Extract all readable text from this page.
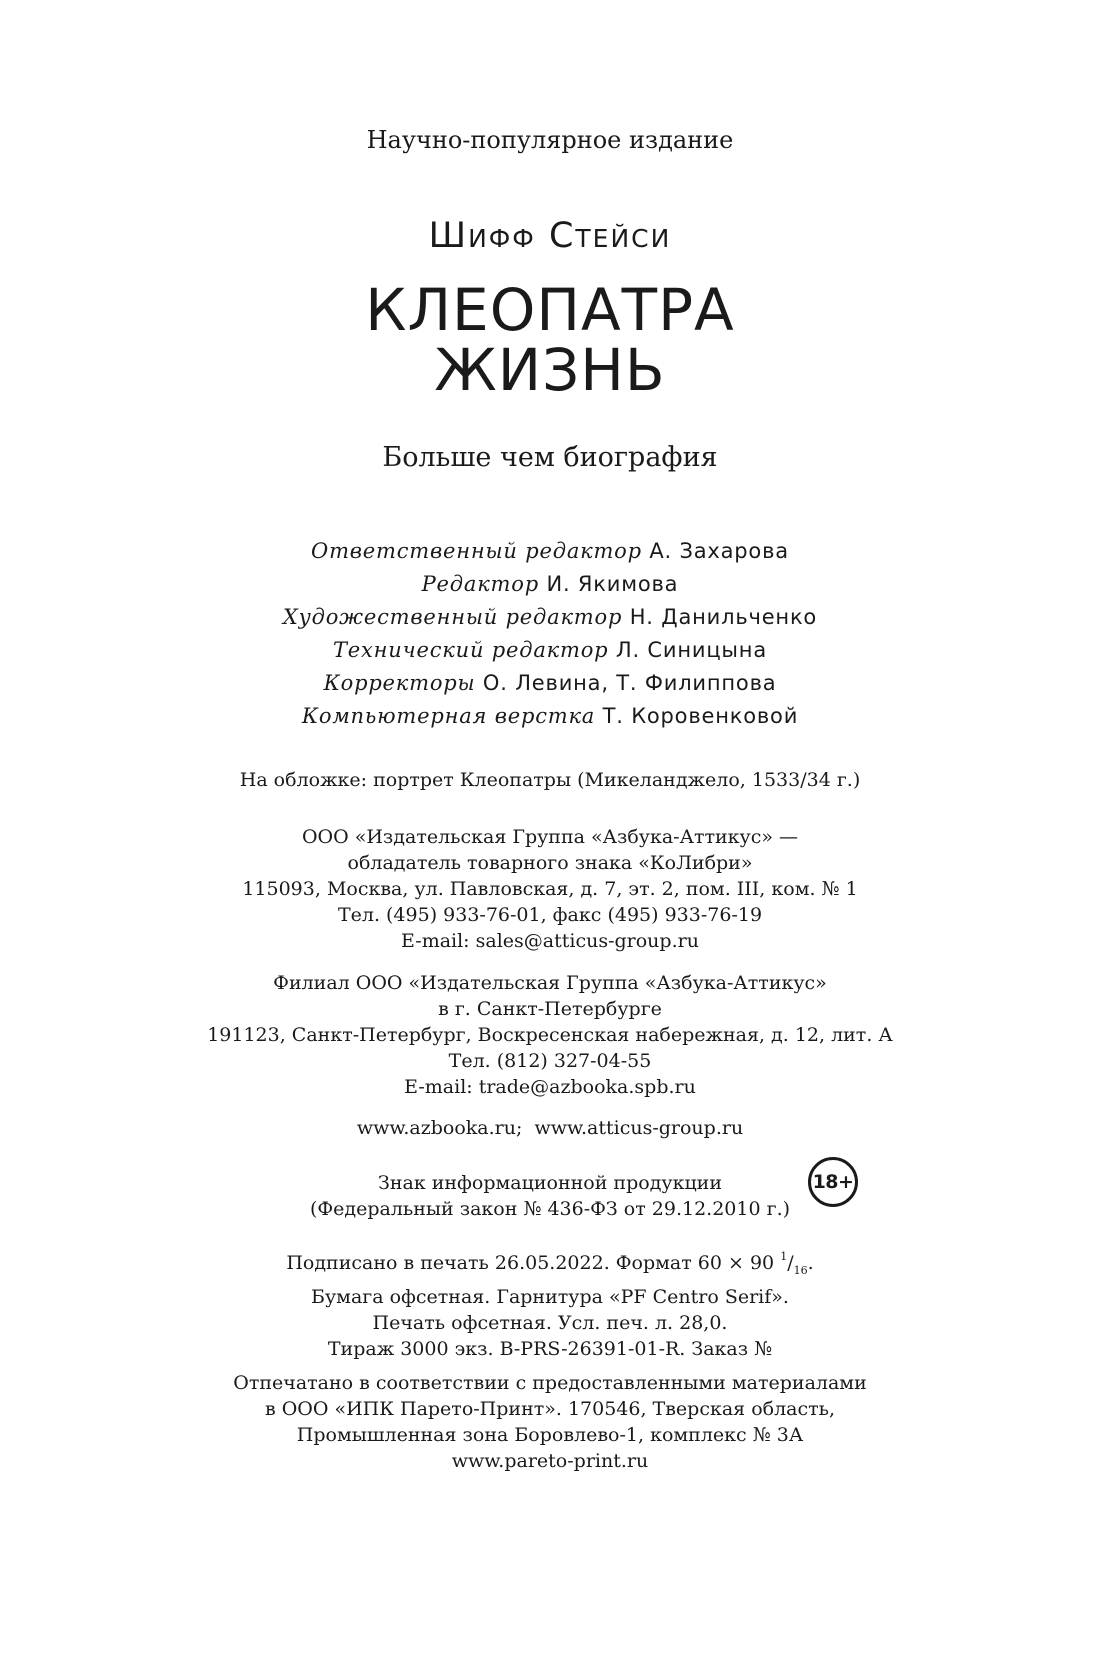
Научно-популярное издание
Шифф Стейси
КЛЕОПАТРА
ЖИЗНЬ
Больше чем биография
Ответственный редактор А. Захарова
Редактор И. Якимова
Художественный редактор Н. Данильченко
Технический редактор Л. Синицына
Корректоры О. Левина, Т. Филиппова
Компьютерная верстка Т. Коровенковой
На обложке: портрет Клеопатры (Микеланджело, 1533/34 г.)
ООО «Издательская Группа «Азбука-Аттикус» —
обладатель товарного знака «КоЛибри»
115093, Москва, ул. Павловская, д. 7, эт. 2, пом. III, ком. № 1
Тел. (495) 933-76-01, факс (495) 933-76-19
E-mail: sales@atticus-group.ru
Филиал ООО «Издательская Группа «Азбука-Аттикус»
в г. Санкт-Петербурге
191123, Санкт-Петербург, Воскресенская набережная, д. 12, лит. А
Тел. (812) 327-04-55
E-mail: trade@azbooka.spb.ru
www.azbooka.ru;  www.atticus-group.ru
Знак информационной продукции
(Федеральный закон № 436-ФЗ от 29.12.2010 г.)
18+
Подписано в печать 26.05.2022. Формат 60 × 90 $^1/_{16}$.
Бумага офсетная. Гарнитура «PF Centro Serif».
Печать офсетная. Усл. печ. л. 28,0.
Тираж 3000 экз. B-PRS-26391-01-R. Заказ №
Отпечатано в соответствии с предоставленными материалами
в ООО «ИПК Парето-Принт». 170546, Тверская область,
Промышленная зона Боровлево-1, комплекс № 3А
www.pareto-print.ru
